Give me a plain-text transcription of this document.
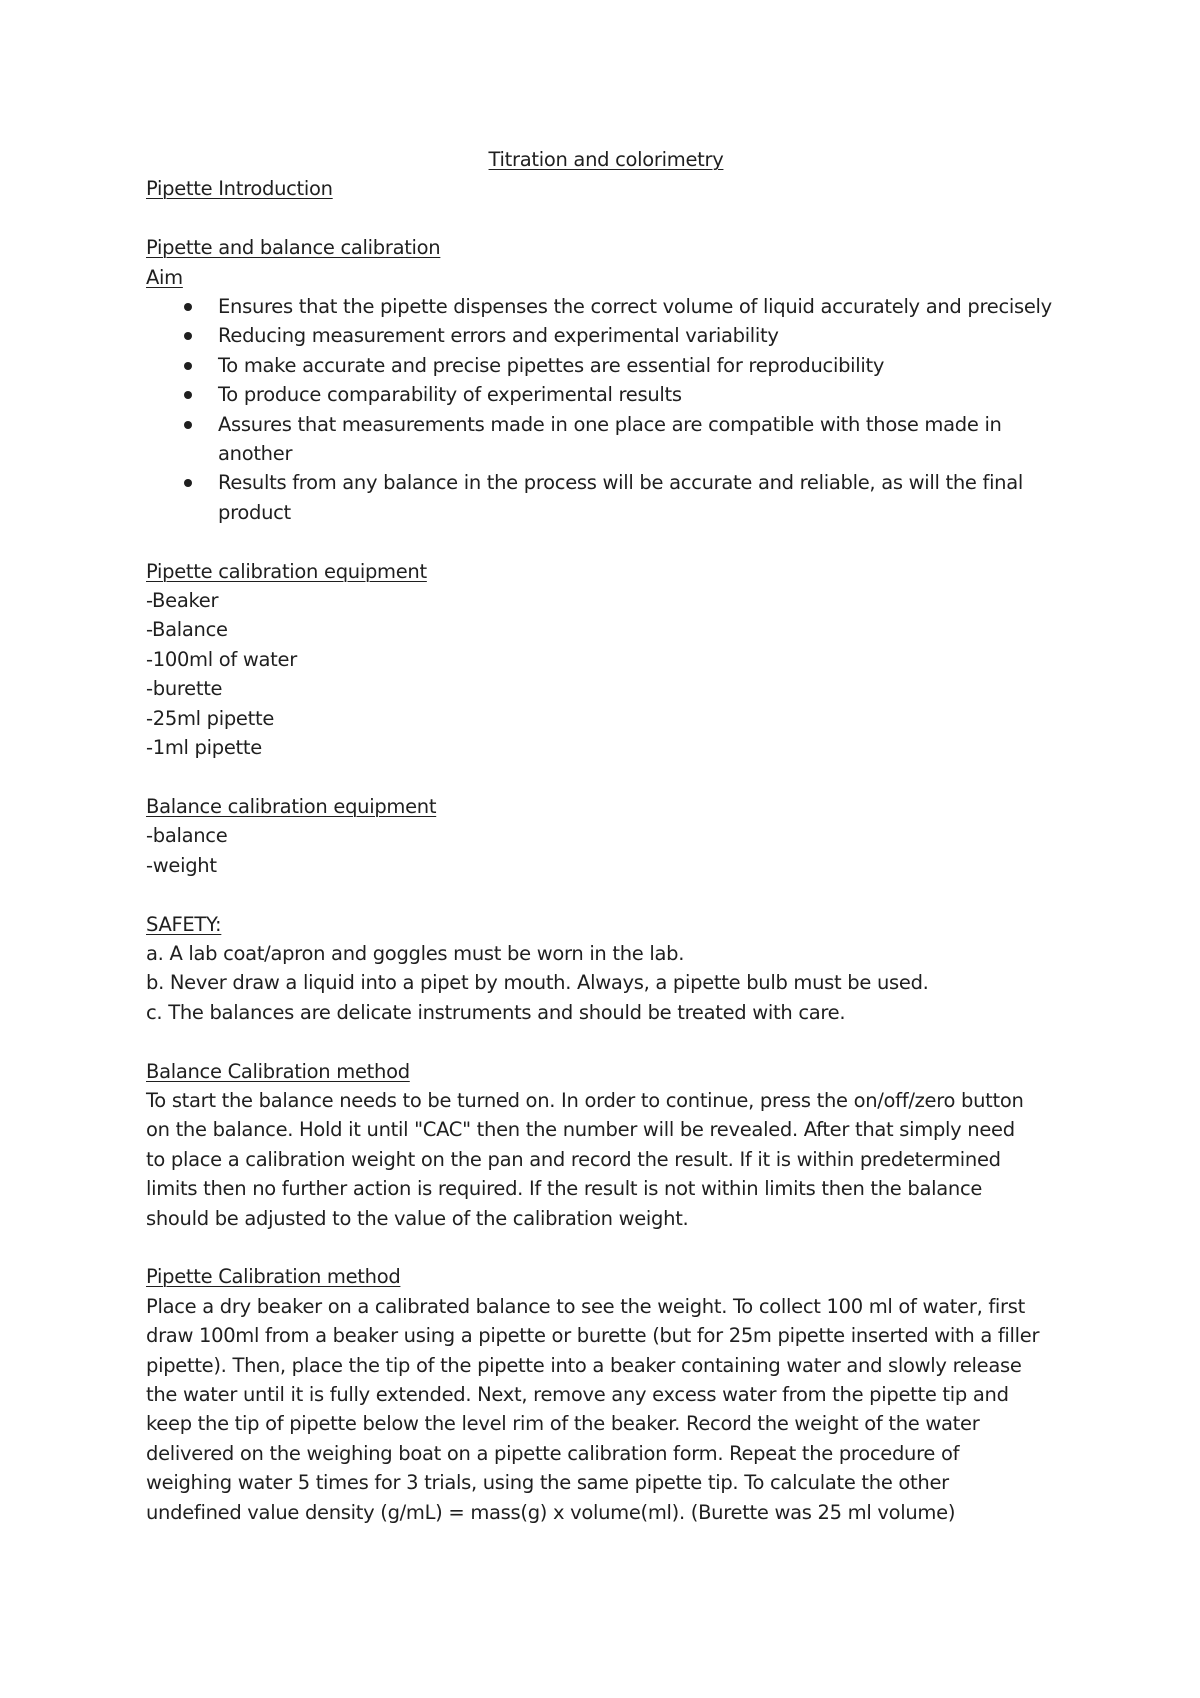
Titration and colorimetry
Pipette Introduction
Pipette and balance calibration
Aim
Ensures that the pipette dispenses the correct volume of liquid accurately and precisely
Reducing measurement errors and experimental variability
To make accurate and precise pipettes are essential for reproducibility
To produce comparability of experimental results
Assures that measurements made in one place are compatible with those made in another
Results from any balance in the process will be accurate and reliable, as will the final product
Pipette calibration equipment
-Beaker
-Balance
-100ml of water
-burette
-25ml pipette
-1ml pipette
Balance calibration equipment
-balance
-weight
SAFETY:
a. A lab coat/apron and goggles must be worn in the lab.
b. Never draw a liquid into a pipet by mouth. Always, a pipette bulb must be used.
c. The balances are delicate instruments and should be treated with care.
Balance Calibration method
To start the balance needs to be turned on. In order to continue, press the on/off/zero button
on the balance. Hold it until "CAC" then the number will be revealed. After that simply need
to place a calibration weight on the pan and record the result. If it is within predetermined
limits then no further action is required. If the result is not within limits then the balance
should be adjusted to the value of the calibration weight.
Pipette Calibration method
Place a dry beaker on a calibrated balance to see the weight. To collect 100 ml of water, first
draw 100ml from a beaker using a pipette or burette (but for 25m pipette inserted with a filler
pipette). Then, place the tip of the pipette into a beaker containing water and slowly release
the water until it is fully extended. Next, remove any excess water from the pipette tip and
keep the tip of pipette below the level rim of the beaker. Record the weight of the water
delivered on the weighing boat on a pipette calibration form. Repeat the procedure of
weighing water 5 times for 3 trials, using the same pipette tip. To calculate the other
undefined value density (g/mL) = mass(g) x volume(ml). (Burette was 25 ml volume)
